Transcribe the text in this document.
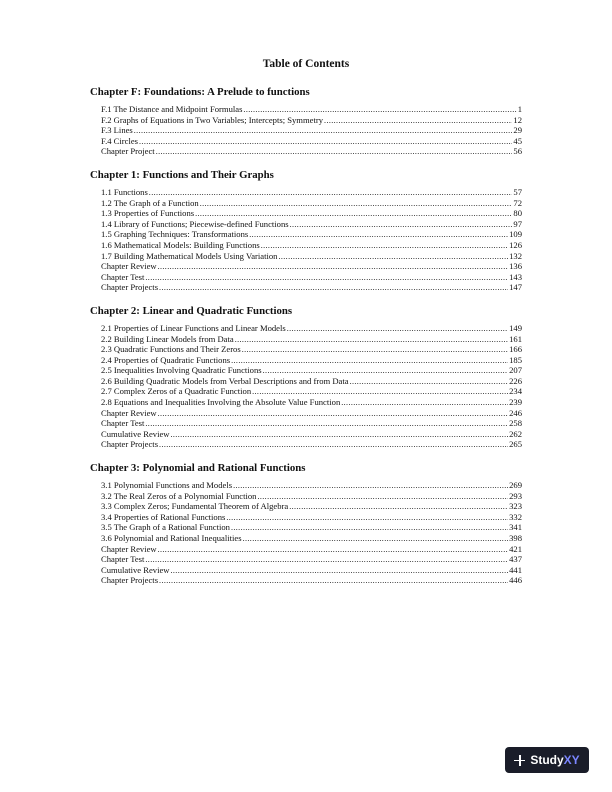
Table of Contents
Chapter F: Foundations: A Prelude to functions
F.1 The Distance and Midpoint Formulas .....	1
F.2 Graphs of Equations in Two Variables; Intercepts; Symmetry .....	12
F.3 Lines .....	29
F.4 Circles .....	45
Chapter Project .....	56
Chapter 1: Functions and Their Graphs
1.1 Functions .....	57
1.2 The Graph of a Function .....	72
1.3 Properties of Functions .....	80
1.4 Library of Functions; Piecewise-defined Functions .....	97
1.5 Graphing Techniques: Transformations .....	109
1.6 Mathematical Models: Building Functions .....	126
1.7 Building Mathematical Models Using Variation .....	132
Chapter Review .....	136
Chapter Test .....	143
Chapter Projects .....	147
Chapter 2: Linear and Quadratic Functions
2.1 Properties of Linear Functions and Linear Models .....	149
2.2 Building Linear Models from Data .....	161
2.3 Quadratic Functions and Their Zeros .....	166
2.4 Properties of Quadratic Functions .....	185
2.5 Inequalities Involving Quadratic Functions .....	207
2.6 Building Quadratic Models from Verbal Descriptions and from Data .....	226
2.7 Complex Zeros of a Quadratic Function .....	234
2.8 Equations and Inequalities Involving the Absolute Value Function .....	239
Chapter Review .....	246
Chapter Test .....	258
Cumulative Review .....	262
Chapter Projects .....	265
Chapter 3: Polynomial and Rational Functions
3.1 Polynomial Functions and Models .....	269
3.2 The Real Zeros of a Polynomial Function .....	293
3.3 Complex Zeros; Fundamental Theorem of Algebra .....	323
3.4 Properties of Rational Functions .....	332
3.5 The Graph of a Rational Function .....	341
3.6 Polynomial and Rational Inequalities .....	398
Chapter Review .....	421
Chapter Test .....	437
Cumulative Review .....	441
Chapter Projects .....	446
Study XY
